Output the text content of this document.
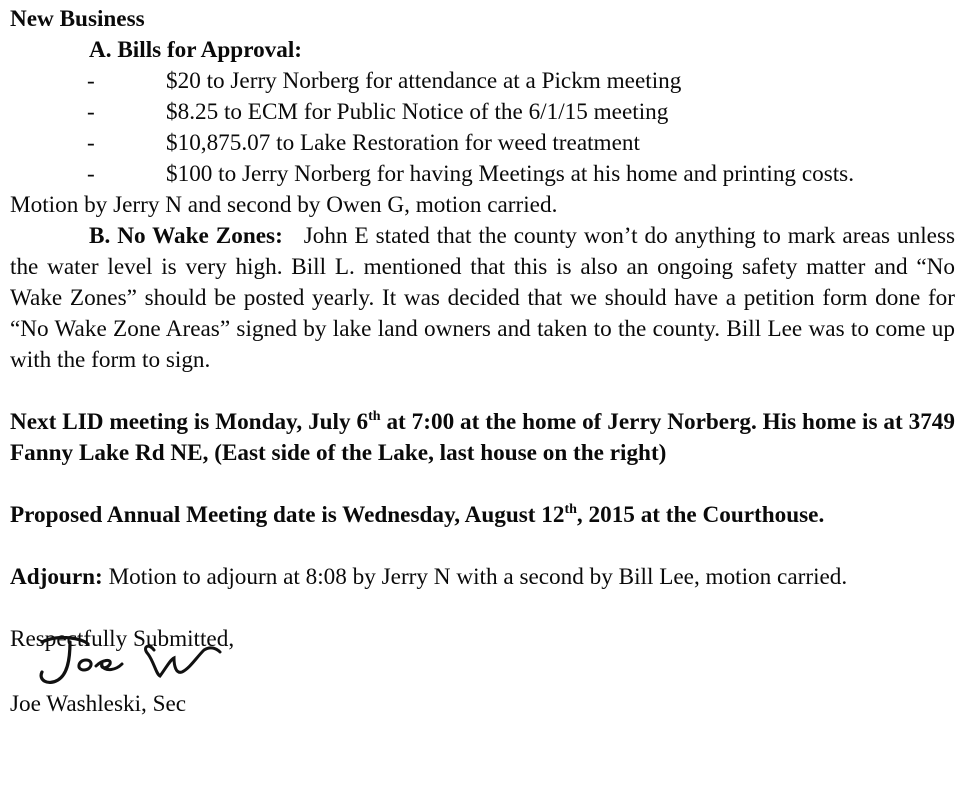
New Business
A. Bills for Approval:
-	$20 to Jerry Norberg for attendance at a Pickm meeting
-	$8.25 to ECM for Public Notice of the 6/1/15 meeting
-	$10,875.07 to Lake Restoration for weed treatment
-	$100 to Jerry Norberg for having Meetings at his home and printing costs.

Motion by Jerry N and second by Owen G, motion carried.

B. No Wake Zones: John E stated that the county won’t do anything to mark areas unless the water level is very high. Bill L. mentioned that this is also an ongoing safety matter and “No Wake Zones” should be posted yearly. It was decided that we should have a petition form done for “No Wake Zone Areas” signed by lake land owners and taken to the county. Bill Lee was to come up with the form to sign.

Next LID meeting is Monday, July 6th at 7:00 at the home of Jerry Norberg. His home is at 3749 Fanny Lake Rd NE, (East side of the Lake, last house on the right)

Proposed Annual Meeting date is Wednesday, August 12th, 2015 at the Courthouse.

Adjourn: Motion to adjourn at 8:08 by Jerry N with a second by Bill Lee, motion carried.

Respectfully Submitted,
Joe Washleski, Sec
